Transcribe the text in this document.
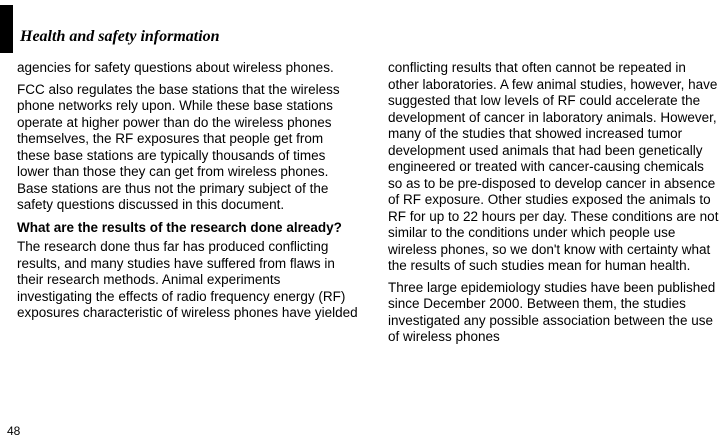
Health and safety information

agencies for safety questions about wireless phones.

FCC also regulates the base stations that the wireless phone networks rely upon. While these base stations operate at higher power than do the wireless phones themselves, the RF exposures that people get from these base stations are typically thousands of times lower than those they can get from wireless phones. Base stations are thus not the primary subject of the safety questions discussed in this document.

What are the results of the research done already?

The research done thus far has produced conflicting results, and many studies have suffered from flaws in their research methods. Animal experiments investigating the effects of radio frequency energy (RF) exposures characteristic of wireless phones have yielded

conflicting results that often cannot be repeated in other laboratories. A few animal studies, however, have suggested that low levels of RF could accelerate the development of cancer in laboratory animals. However, many of the studies that showed increased tumor development used animals that had been genetically engineered or treated with cancer-causing chemicals so as to be pre-disposed to develop cancer in absence of RF exposure. Other studies exposed the animals to RF for up to 22 hours per day. These conditions are not similar to the conditions under which people use wireless phones, so we don't know with certainty what the results of such studies mean for human health.

Three large epidemiology studies have been published since December 2000. Between them, the studies investigated any possible association between the use of wireless phones

48
